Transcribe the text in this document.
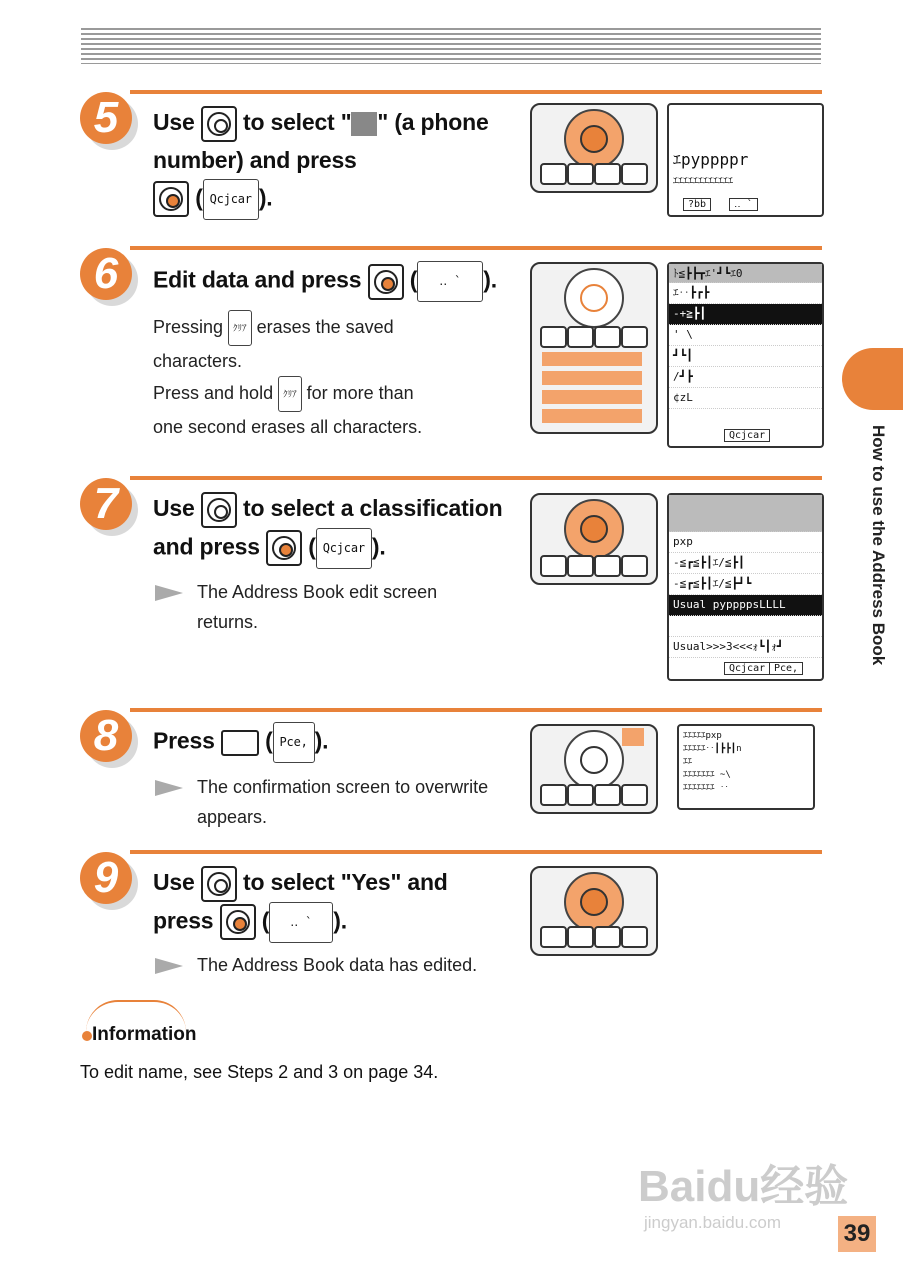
5	Use to select " " (a phone
number) and press
( Qcjcar ).
ｴpyppppr
ｴｴｴｴｴｴｴｴｴｴｴｴ
?bb	‥ `
6	Edit data and press  ( ‥ ` ).
Pressing ｸﾘｱ erases the saved
characters.
Press and hold ｸﾘｱ for more than
one second erases all characters.
ﾄ≦┣┣┳ｴ'┛┗ｴ0
ｴ‥┣┏┣
-+≧┣┃
' \
┛┗┃
/┛┣
¢zL
Qcjcar	How to use the Address Book
7	Use to select a classification
and press  ( Qcjcar ).
The Address Book edit screen
returns.
pxp
-≦┏≦┣┃ｴ/≦┣┃
-≦┏≦┣┃ｴ/≦┣┛┗
Usual pyppppsLLLL
Usual>>>3<<<ｫ┗┃ｫ┛
Qcjcar Pce,
8	Press  ( Pce, ).
The confirmation screen to overwrite
appears.
ｴｴｴｴｴpxp
ｴｴｴｴｴ‥┃┣┣┃n
ｴｴ
ｴｴｴｴｴｴｴ ~\
ｴｴｴｴｴｴｴ ‥
9	Use to select "Yes" and
press  ( ‥ ` ).
The Address Book data has edited.
Information
To edit name, see Steps 2 and 3 on page 34.
Baidu经验
jingyan.baidu.com	39
